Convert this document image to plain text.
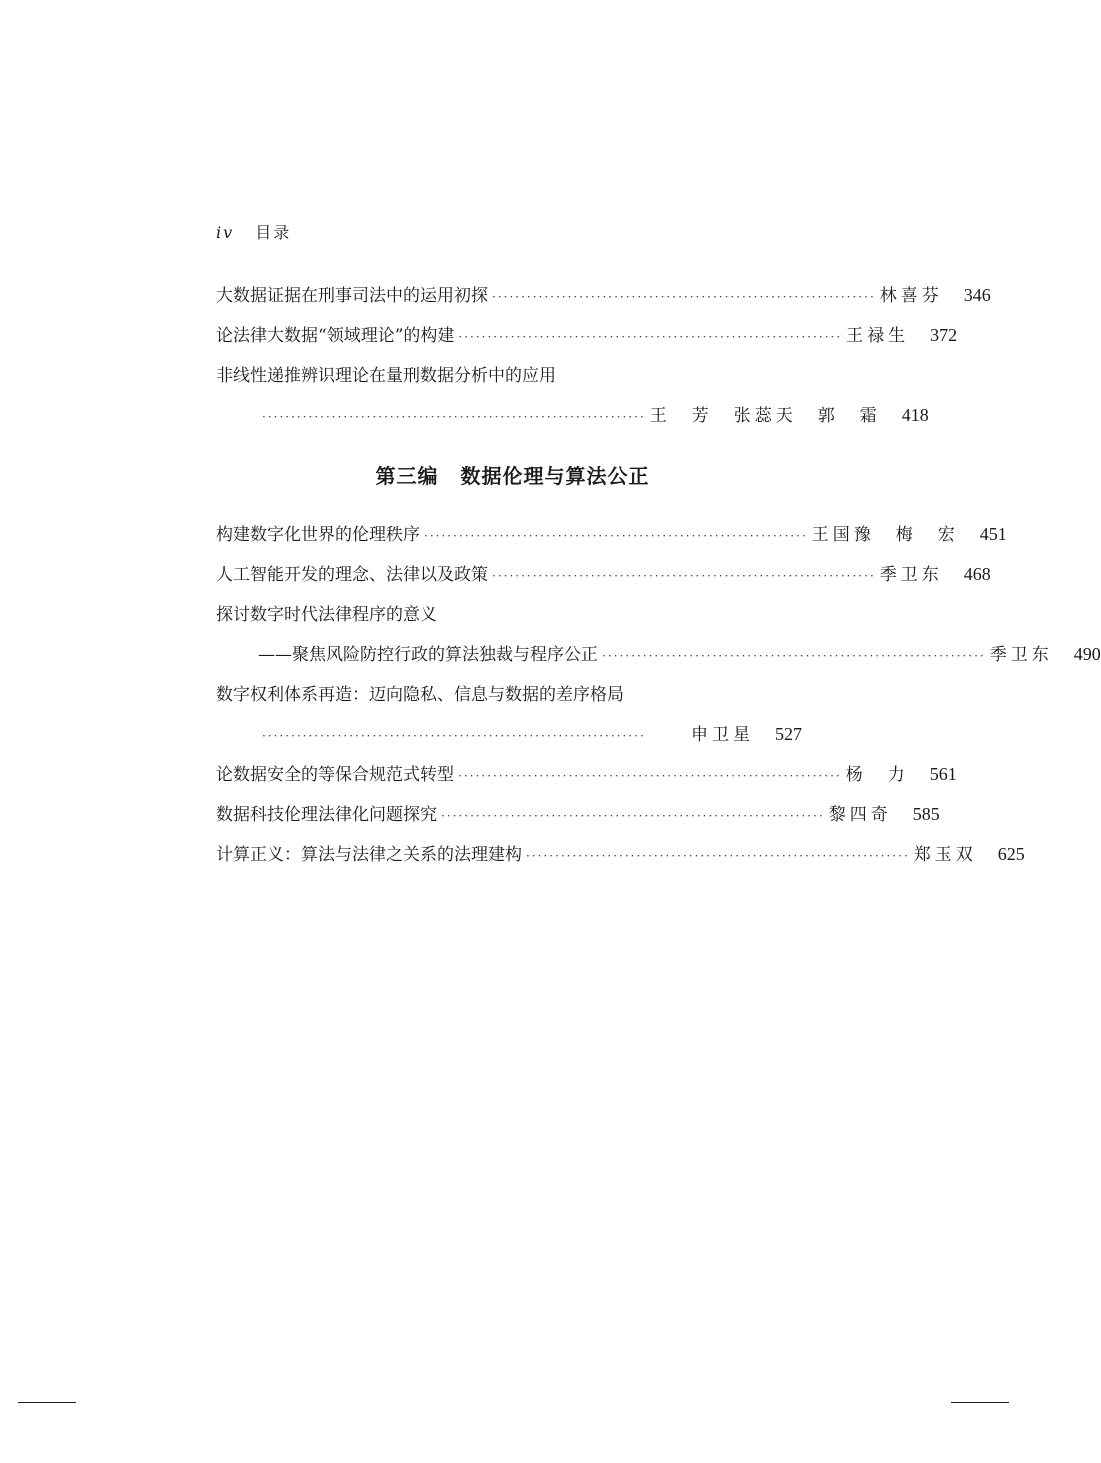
iv 目录
大数据证据在刑事司法中的运用初探 ·································································· 林喜芬	346
论法律大数据“领域理论”的构建 ·································································· 王禄生	372
非线性递推辨识理论在量刑数据分析中的应用
·································································· 王　芳　张蕊天　郭　霜	418
第三编 数据伦理与算法公正
构建数字化世界的伦理秩序 ·································································· 王国豫　梅　宏	451
人工智能开发的理念、法律以及政策 ·································································· 季卫东	468
探讨数字时代法律程序的意义
——聚焦风险防控行政的算法独裁与程序公正 ·································································· 季卫东	490
数字权利体系再造：迈向隐私、信息与数据的差序格局
··································································	申卫星	527
论数据安全的等保合规范式转型 ·································································· 杨　力	561
数据科技伦理法律化问题探究 ·································································· 黎四奇	585
计算正义：算法与法律之关系的法理建构 ·································································· 郑玉双	625
